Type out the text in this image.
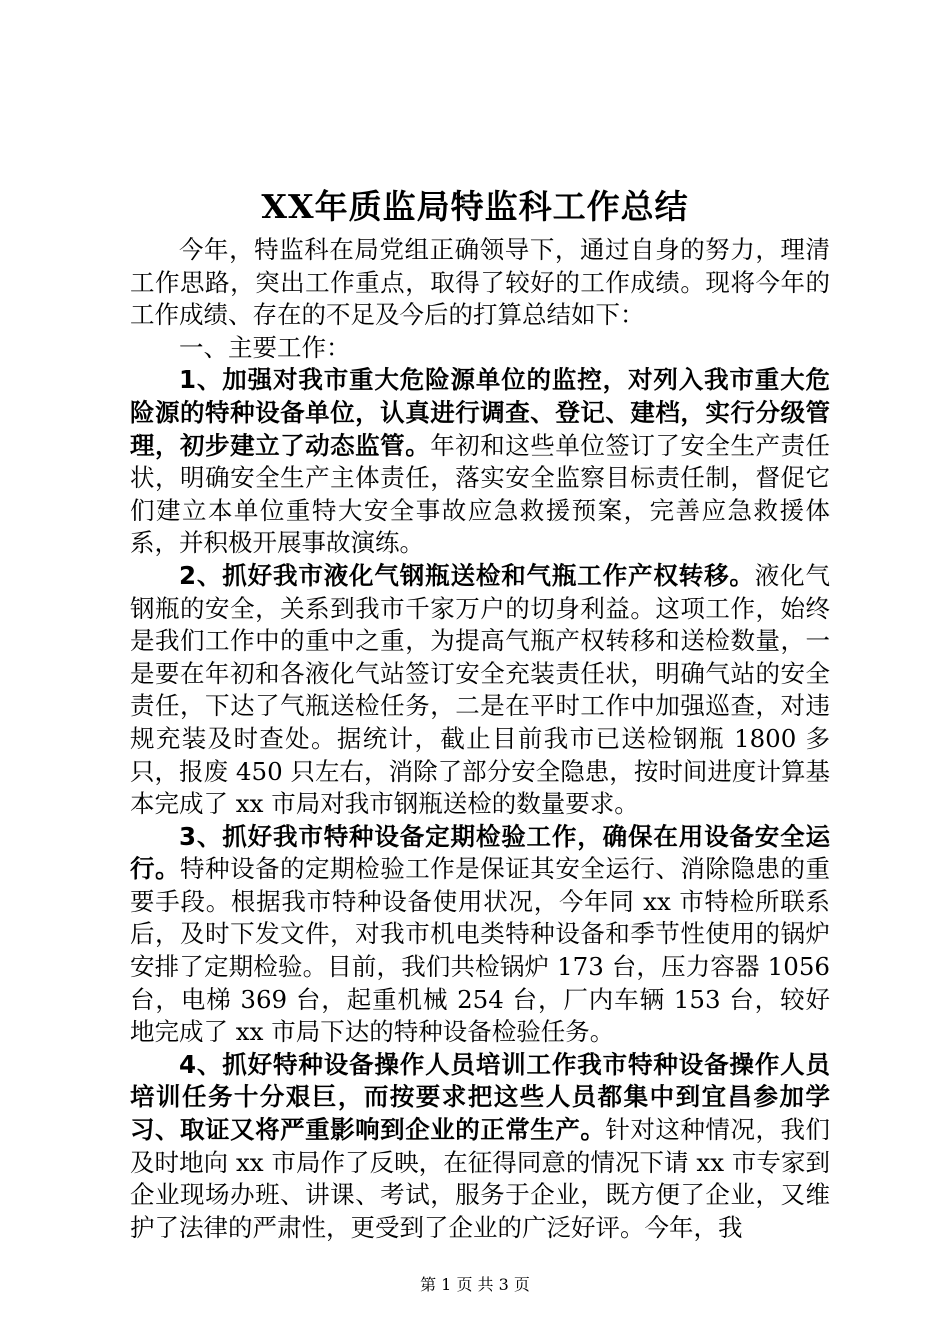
XX年质监局特监科工作总结

今年，特监科在局党组正确领导下，通过自身的努力，理清工作思路，突出工作重点，取得了较好的工作成绩。现将今年的工作成绩、存在的不足及今后的打算总结如下：

一、主要工作：

1、加强对我市重大危险源单位的监控，对列入我市重大危险源的特种设备单位，认真进行调查、登记、建档，实行分级管理，初步建立了动态监管。年初和这些单位签订了安全生产责任状，明确安全生产主体责任，落实安全监察目标责任制，督促它们建立本单位重特大安全事故应急救援预案，完善应急救援体系，并积极开展事故演练。

2、抓好我市液化气钢瓶送检和气瓶工作产权转移。液化气钢瓶的安全，关系到我市千家万户的切身利益。这项工作，始终是我们工作中的重中之重，为提高气瓶产权转移和送检数量，一是要在年初和各液化气站签订安全充装责任状，明确气站的安全责任，下达了气瓶送检任务，二是在平时工作中加强巡查，对违规充装及时查处。据统计，截止目前我市已送检钢瓶 1800 多只，报废 450 只左右，消除了部分安全隐患，按时间进度计算基本完成了 xx 市局对我市钢瓶送检的数量要求。

3、抓好我市特种设备定期检验工作，确保在用设备安全运行。特种设备的定期检验工作是保证其安全运行、消除隐患的重要手段。根据我市特种设备使用状况，今年同 xx 市特检所联系后，及时下发文件，对我市机电类特种设备和季节性使用的锅炉安排了定期检验。目前，我们共检锅炉 173 台，压力容器 1056 台，电梯 369 台，起重机械 254 台，厂内车辆 153 台，较好地完成了 xx 市局下达的特种设备检验任务。

4、抓好特种设备操作人员培训工作我市特种设备操作人员培训任务十分艰巨，而按要求把这些人员都集中到宜昌参加学习、取证又将严重影响到企业的正常生产。针对这种情况，我们及时地向 xx 市局作了反映，在征得同意的情况下请 xx 市专家到企业现场办班、讲课、考试，服务于企业，既方便了企业，又维护了法律的严肃性，更受到了企业的广泛好评。今年，我

第 1 页 共 3 页
